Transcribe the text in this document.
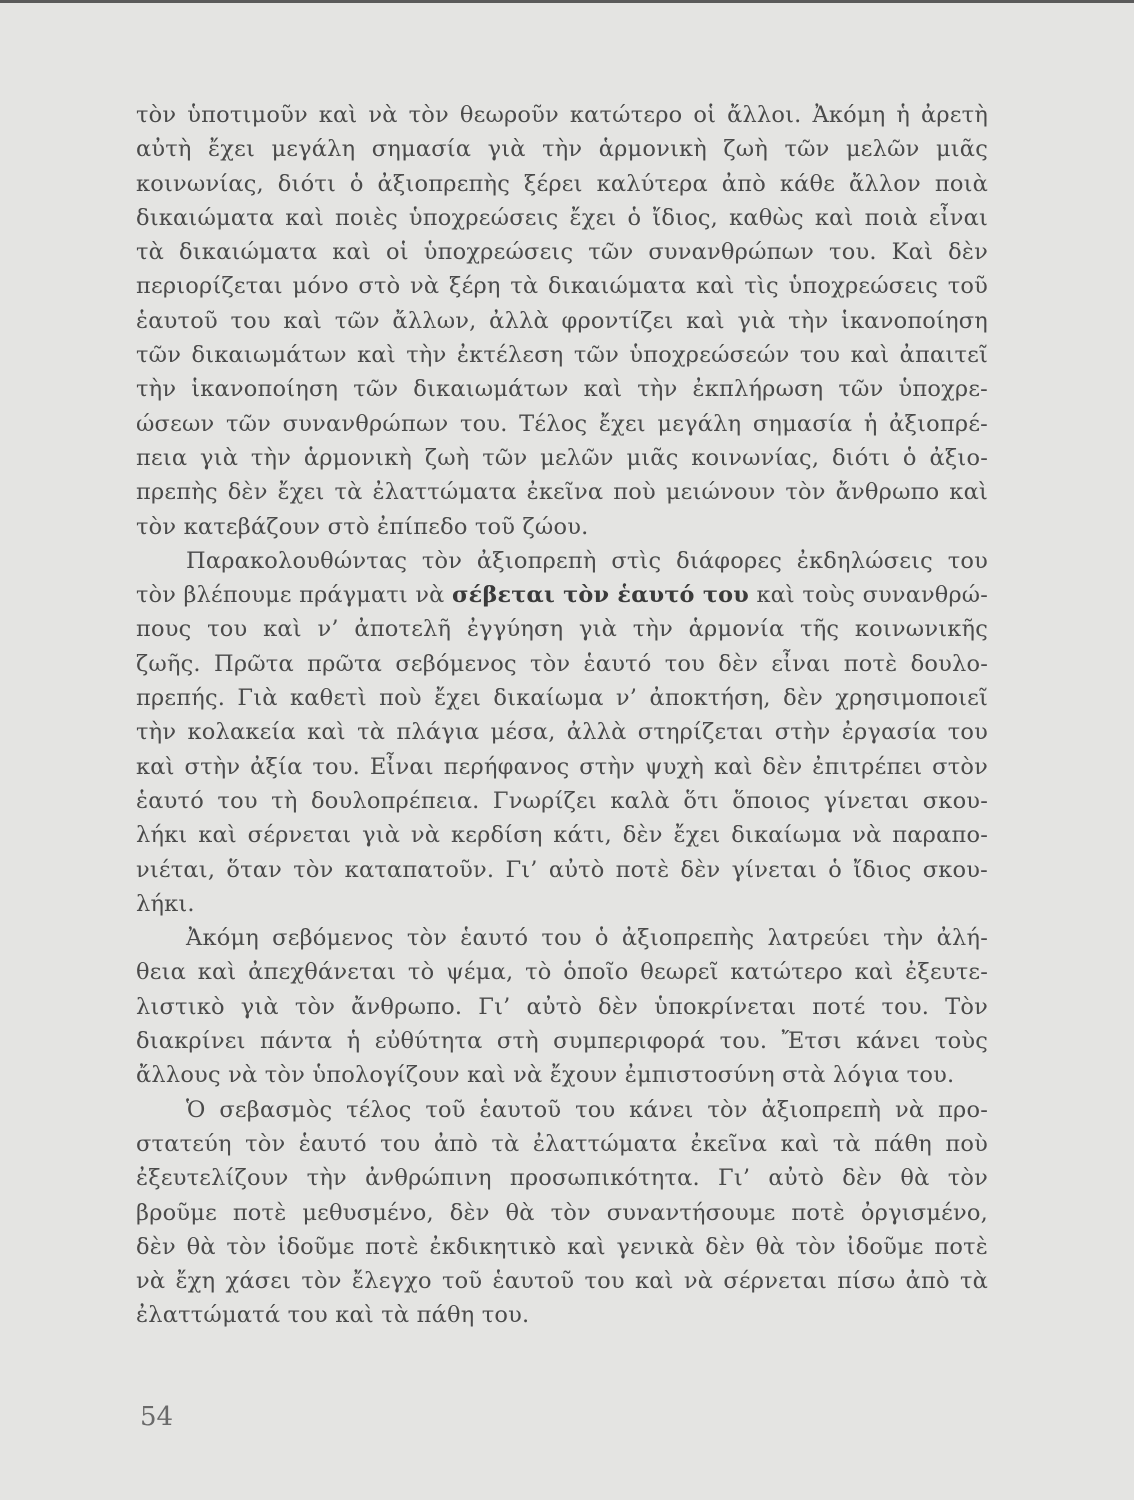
τὸν ὑποτιμοῦν καὶ νὰ τὸν θεωροῦν κατώτερο οἱ ἄλλοι. Ἀκόμη ἡ ἀρετὴ
αὐτὴ ἔχει μεγάλη σημασία γιὰ τὴν ἁρμονικὴ ζωὴ τῶν μελῶν μιᾶς
κοινωνίας, διότι ὁ ἀξιοπρεπὴς ξέρει καλύτερα ἀπὸ κάθε ἄλλον ποιὰ
δικαιώματα καὶ ποιὲς ὑποχρεώσεις ἔχει ὁ ἴδιος, καθὼς καὶ ποιὰ εἶναι
τὰ δικαιώματα καὶ οἱ ὑποχρεώσεις τῶν συνανθρώπων του. Καὶ δὲν
περιορίζεται μόνο στὸ νὰ ξέρη τὰ δικαιώματα καὶ τὶς ὑποχρεώσεις τοῦ
ἑαυτοῦ του καὶ τῶν ἄλλων, ἀλλὰ φροντίζει καὶ γιὰ τὴν ἱκανοποίηση
τῶν δικαιωμάτων καὶ τὴν ἐκτέλεση τῶν ὑποχρεώσεών του καὶ ἀπαιτεῖ
τὴν ἱκανοποίηση τῶν δικαιωμάτων καὶ τὴν ἐκπλήρωση τῶν ὑποχρε-
ώσεων τῶν συνανθρώπων του. Τέλος ἔχει μεγάλη σημασία ἡ ἀξιοπρέ-
πεια γιὰ τὴν ἁρμονικὴ ζωὴ τῶν μελῶν μιᾶς κοινωνίας, διότι ὁ ἀξιο-
πρεπὴς δὲν ἔχει τὰ ἐλαττώματα ἐκεῖνα ποὺ μειώνουν τὸν ἄνθρωπο καὶ
τὸν κατεβάζουν στὸ ἐπίπεδο τοῦ ζώου.
Παρακολουθώντας τὸν ἀξιοπρεπὴ στὶς διάφορες ἐκδηλώσεις του
τὸν βλέπουμε πράγματι νὰ σέβεται τὸν ἑαυτό του καὶ τοὺς συνανθρώ-
πους του καὶ ν’ ἀποτελῆ ἐγγύηση γιὰ τὴν ἁρμονία τῆς κοινωνικῆς
ζωῆς. Πρῶτα πρῶτα σεβόμενος τὸν ἑαυτό του δὲν εἶναι ποτὲ δουλο-
πρεπής. Γιὰ καθετὶ ποὺ ἔχει δικαίωμα ν’ ἀποκτήση, δὲν χρησιμοποιεῖ
τὴν κολακεία καὶ τὰ πλάγια μέσα, ἀλλὰ στηρίζεται στὴν ἐργασία του
καὶ στὴν ἀξία του. Εἶναι περήφανος στὴν ψυχὴ καὶ δὲν ἐπιτρέπει στὸν
ἑαυτό του τὴ δουλοπρέπεια. Γνωρίζει καλὰ ὅτι ὅποιος γίνεται σκου-
λήκι καὶ σέρνεται γιὰ νὰ κερδίση κάτι, δὲν ἔχει δικαίωμα νὰ παραπο-
νιέται, ὅταν τὸν καταπατοῦν. Γι’ αὐτὸ ποτὲ δὲν γίνεται ὁ ἴδιος σκου-
λήκι.
Ἀκόμη σεβόμενος τὸν ἑαυτό του ὁ ἀξιοπρεπὴς λατρεύει τὴν ἀλή-
θεια καὶ ἀπεχθάνεται τὸ ψέμα, τὸ ὁποῖο θεωρεῖ κατώτερο καὶ ἐξευτε-
λιστικὸ γιὰ τὸν ἄνθρωπο. Γι’ αὐτὸ δὲν ὑποκρίνεται ποτέ του. Τὸν
διακρίνει πάντα ἡ εὐθύτητα στὴ συμπεριφορά του. Ἔτσι κάνει τοὺς
ἄλλους νὰ τὸν ὑπολογίζουν καὶ νὰ ἔχουν ἐμπιστοσύνη στὰ λόγια του.
Ὁ σεβασμὸς τέλος τοῦ ἑαυτοῦ του κάνει τὸν ἀξιοπρεπὴ νὰ προ-
στατεύη τὸν ἑαυτό του ἀπὸ τὰ ἐλαττώματα ἐκεῖνα καὶ τὰ πάθη ποὺ
ἐξευτελίζουν τὴν ἀνθρώπινη προσωπικότητα. Γι’ αὐτὸ δὲν θὰ τὸν
βροῦμε ποτὲ μεθυσμένο, δὲν θὰ τὸν συναντήσουμε ποτὲ ὀργισμένο,
δὲν θὰ τὸν ἰδοῦμε ποτὲ ἐκδικητικὸ καὶ γενικὰ δὲν θὰ τὸν ἰδοῦμε ποτὲ
νὰ ἔχη χάσει τὸν ἔλεγχο τοῦ ἑαυτοῦ του καὶ νὰ σέρνεται πίσω ἀπὸ τὰ
ἐλαττώματά του καὶ τὰ πάθη του.
54
